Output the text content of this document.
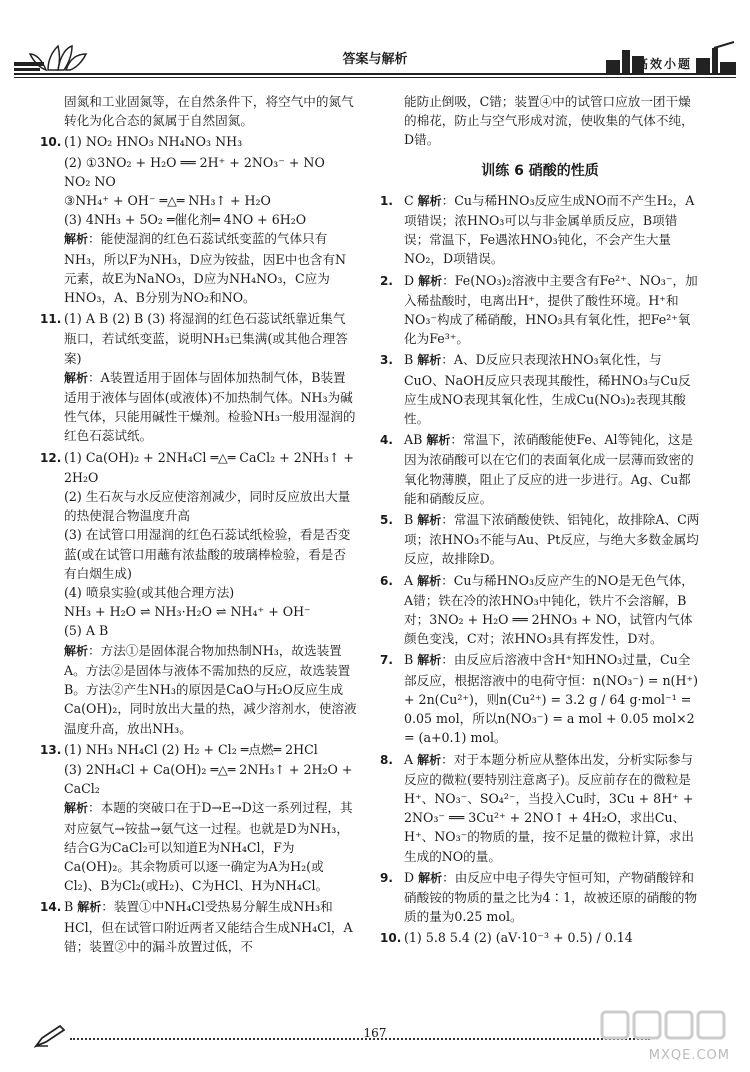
答案与解析	高效小题

固氮和工业固氮等，在自然条件下，将空气中的氮气转化为化合态的氮属于自然固氮。

10. (1) NO₂ HNO₃ NH₄NO₃ NH₃

(2) ①3NO₂ + H₂O ══ 2H⁺ + 2NO₃⁻ + NO

NO₂ NO

③NH₄⁺ + OH⁻ ═△═ NH₃↑ + H₂O

(3) 4NH₃ + 5O₂ ═催化剂═ 4NO + 6H₂O

解析：能使湿润的红色石蕊试纸变蓝的气体只有NH₃，所以F为NH₃，D应为铵盐，因E中也含有N元素，故E为NaNO₃，D应为NH₄NO₃，C应为HNO₃，A、B分别为NO₂和NO。

11. (1) A B (2) B (3) 将湿润的红色石蕊试纸靠近集气瓶口，若试纸变蓝，说明NH₃已集满(或其他合理答案)

解析：A装置适用于固体与固体加热制气体，B装置适用于液体与固体(或液体)不加热制气体。NH₃为碱性气体，只能用碱性干燥剂。检验NH₃一般用湿润的红色石蕊试纸。

12. (1) Ca(OH)₂ + 2NH₄Cl ═△═ CaCl₂ + 2NH₃↑ + 2H₂O

(2) 生石灰与水反应使溶剂减少，同时反应放出大量的热使混合物温度升高

(3) 在试管口用湿润的红色石蕊试纸检验，看是否变蓝(或在试管口用蘸有浓盐酸的玻璃棒检验，看是否有白烟生成)

(4) 喷泉实验(或其他合理方法)

NH₃ + H₂O ⇌ NH₃·H₂O ⇌ NH₄⁺ + OH⁻

(5) A B

解析：方法①是固体混合物加热制NH₃，故选装置A。方法②是固体与液体不需加热的反应，故选装置B。方法②产生NH₃的原因是CaO与H₂O反应生成Ca(OH)₂，同时放出大量的热，减少溶剂水，使溶液温度升高，放出NH₃。

13. (1) NH₃ NH₄Cl (2) H₂ + Cl₂ ═点燃═ 2HCl

(3) 2NH₄Cl + Ca(OH)₂ ═△═ 2NH₃↑ + 2H₂O + CaCl₂

解析：本题的突破口在于D→E→D这一系列过程，其对应氨气→铵盐→氨气这一过程。也就是D为NH₃，结合G为CaCl₂可以知道E为NH₄Cl，F为Ca(OH)₂。其余物质可以逐一确定为A为H₂(或Cl₂)、B为Cl₂(或H₂)、C为HCl、H为NH₄Cl。

14. B 解析：装置①中NH₄Cl受热易分解生成NH₃和HCl，但在试管口附近两者又能结合生成NH₄Cl，A错；装置②中的漏斗放置过低，不

能防止倒吸，C错；装置④中的试管口应放一团干燥的棉花，防止与空气形成对流，使收集的气体不纯，D错。

训练 6 硝酸的性质

1. C 解析：Cu与稀HNO₃反应生成NO而不产生H₂，A项错误；浓HNO₃可以与非金属单质反应，B项错误；常温下，Fe遇浓HNO₃钝化，不会产生大量NO₂，D项错误。

2. D 解析：Fe(NO₃)₂溶液中主要含有Fe²⁺、NO₃⁻，加入稀盐酸时，电离出H⁺，提供了酸性环境。H⁺和NO₃⁻构成了稀硝酸，HNO₃具有氧化性，把Fe²⁺氧化为Fe³⁺。

3. B 解析：A、D反应只表现浓HNO₃氧化性，与CuO、NaOH反应只表现其酸性，稀HNO₃与Cu反应生成NO表现其氧化性，生成Cu(NO₃)₂表现其酸性。

4. AB 解析：常温下，浓硝酸能使Fe、Al等钝化，这是因为浓硝酸可以在它们的表面氧化成一层薄而致密的氧化物薄膜，阻止了反应的进一步进行。Ag、Cu都能和硝酸反应。

5. B 解析：常温下浓硝酸使铁、铝钝化，故排除A、C两项；浓HNO₃不能与Au、Pt反应，与绝大多数金属均反应，故排除D。

6. A 解析：Cu与稀HNO₃反应产生的NO是无色气体，A错；铁在冷的浓HNO₃中钝化，铁片不会溶解，B对；3NO₂ + H₂O ══ 2HNO₃ + NO，试管内气体颜色变浅，C对；浓HNO₃具有挥发性，D对。

7. B 解析：由反应后溶液中含H⁺知HNO₃过量，Cu全部反应，根据溶液中的电荷守恒：n(NO₃⁻) = n(H⁺) + 2n(Cu²⁺)，则n(Cu²⁺) = 3.2 g / 64 g·mol⁻¹ = 0.05 mol，所以n(NO₃⁻) = a mol + 0.05 mol×2 = (a+0.1) mol。

8. A 解析：对于本题分析应从整体出发，分析实际参与反应的微粒(要特别注意离子)。反应前存在的微粒是H⁺、NO₃⁻、SO₄²⁻，当投入Cu时，3Cu + 8H⁺ + 2NO₃⁻ ══ 3Cu²⁺ + 2NO↑ + 4H₂O，求出Cu、H⁺、NO₃⁻的物质的量，按不足量的微粒计算，求出生成的NO的量。

9. D 解析：由反应中电子得失守恒可知，产物硝酸锌和硝酸铵的物质的量之比为4∶1，故被还原的硝酸的物质的量为0.25 mol。

10. (1) 5.8 5.4 (2) (aV·10⁻³ + 0.5) / 0.14

167
MXQE.COM
